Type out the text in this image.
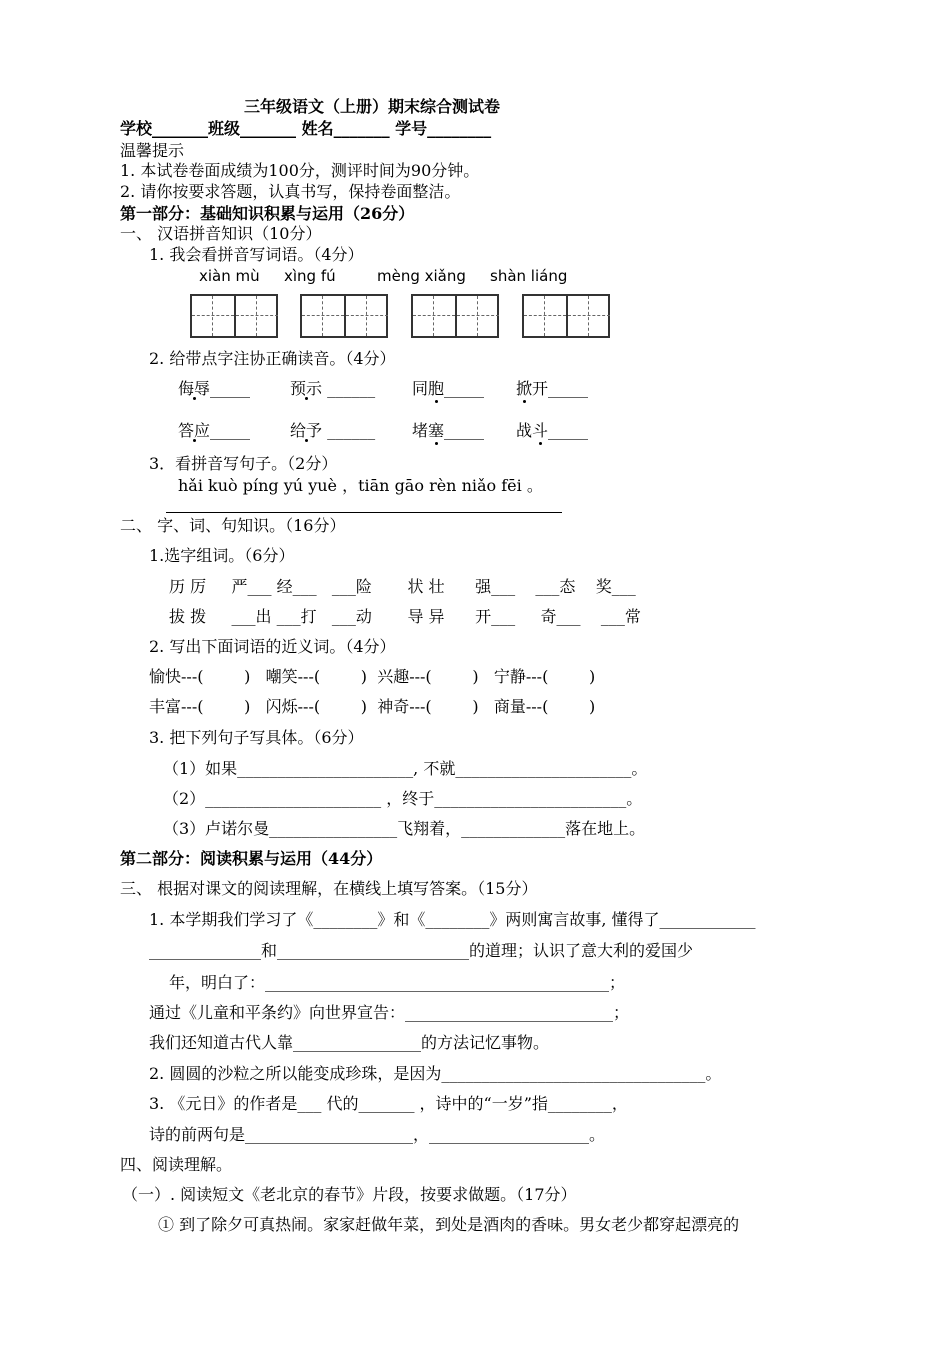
三年级语文（上册）期末综合测试卷
学校_______班级_______ 姓名_______ 学号________
温馨提示
1. 本试卷卷面成绩为100分，测评时间为90分钟。
2. 请你按要求答题，认真书写，保持卷面整洁。
第一部分：基础知识积累与运用（26分）
一、 汉语拼音知识（10分）
1. 我会看拼音写词语。（4分）
xiàn mù xìng fú	mèng xiǎng shàn liáng
2. 给带点字注协正确读音。（4分）
侮辱_____ 预示 ______ 同胞_____ 掀开_____
答应_____ 给予 ______ 堵塞_____ 战斗_____
3．看拼音写句子。（2分）
hǎi kuò píng yú yuè ，tiān gāo rèn niǎo fēi 。
二、 字、词、句知识。（16分）
1.选字组词。（6分）
历 厉     严___ 经___   ___险       状 壮      强___    ___态    奖___
拔 拨     ___出 ___打   ___动       导 异      开___     奇___    ___常
2. 写出下面词语的近义词。（4分）
愉快---(        )   嘲笑---(        )  兴趣---(        )   宁静---(        )
丰富---(        )   闪烁---(        )  神奇---(        )   商量---(        )
3. 把下列句子写具体。（6分）
（1）如果______________________, 不就______________________。
（2）______________________ ，终于________________________。
（3）卢诺尔曼________________飞翔着，_____________落在地上。
第二部分：阅读积累与运用（44分）
三、 根据对课文的阅读理解，在横线上填写答案。（15分）
1. 本学期我们学习了《________》和《________》两则寓言故事, 懂得了____________
______________和________________________的道理；认识了意大利的爱国少
年，明白了：___________________________________________；
通过《儿童和平条约》向世界宣告：__________________________；
我们还知道古代人靠________________的方法记忆事物。
2. 圆圆的沙粒之所以能变成珍珠，是因为_________________________________。
3. 《元日》的作者是___ 代的_______ ，诗中的“一岁”指________，
诗的前两句是_____________________，____________________。
四、阅读理解。
（一）. 阅读短文《老北京的春节》片段，按要求做题。（17分）
① 到了除夕可真热闹。家家赶做年菜，到处是酒肉的香味。男女老少都穿起漂亮的
